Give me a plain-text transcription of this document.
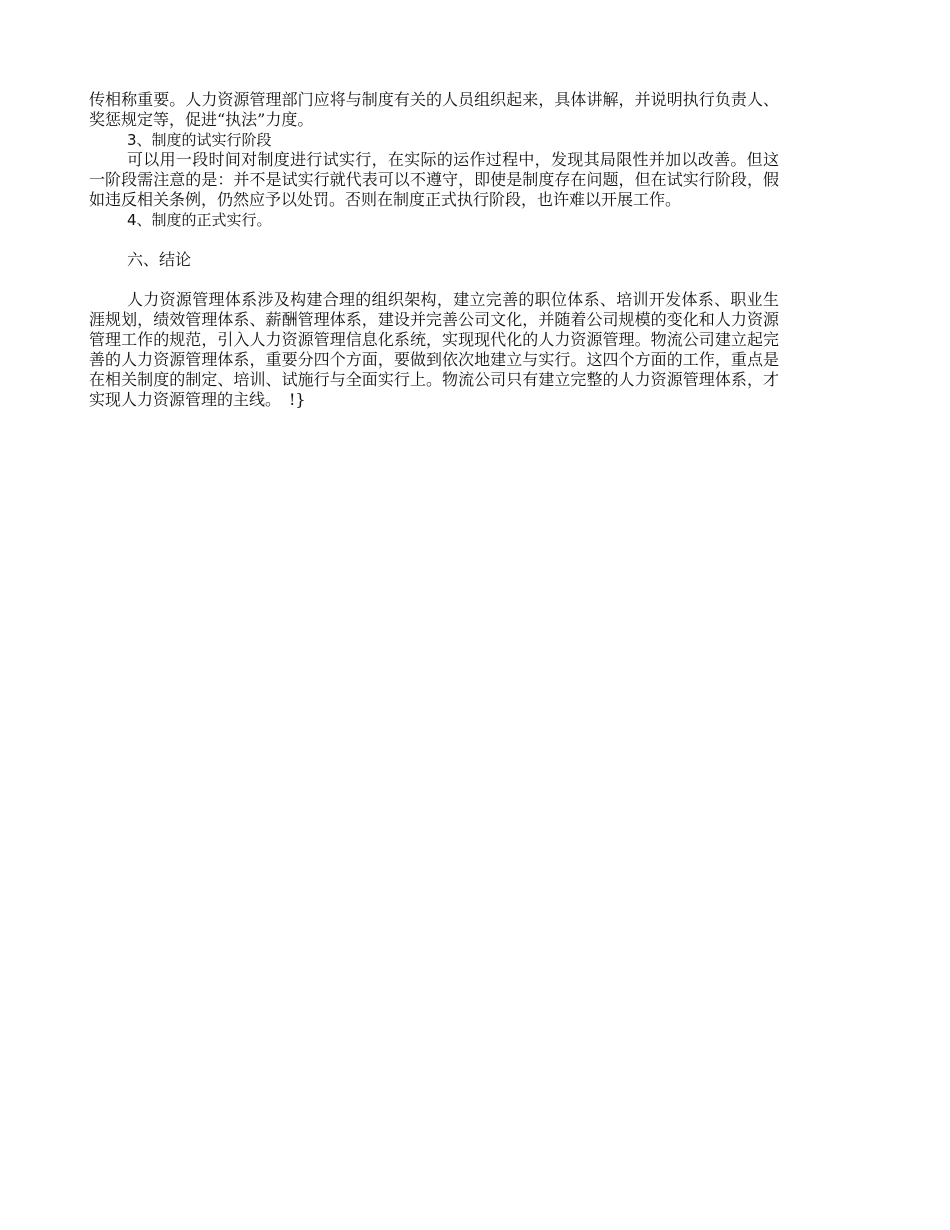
传相称重要。人力资源管理部门应将与制度有关的人员组织起来，具体讲解，并说明执行负责人、奖惩规定等，促进“执法”力度。

3、制度的试实行阶段

可以用一段时间对制度进行试实行，在实际的运作过程中，发现其局限性并加以改善。但这一阶段需注意的是：并不是试实行就代表可以不遵守，即使是制度存在问题，但在试实行阶段，假如违反相关条例，仍然应予以处罚。否则在制度正式执行阶段，也许难以开展工作。

4、制度的正式实行。

六、结论

人力资源管理体系涉及构建合理的组织架构，建立完善的职位体系、培训开发体系、职业生涯规划，绩效管理体系、薪酬管理体系，建设并完善公司文化，并随着公司规模的变化和人力资源管理工作的规范，引入人力资源管理信息化系统，实现现代化的人力资源管理。物流公司建立起完善的人力资源管理体系，重要分四个方面，要做到依次地建立与实行。这四个方面的工作，重点是在相关制度的制定、培训、试施行与全面实行上。物流公司只有建立完整的人力资源管理体系，才实现人力资源管理的主线。　!}
